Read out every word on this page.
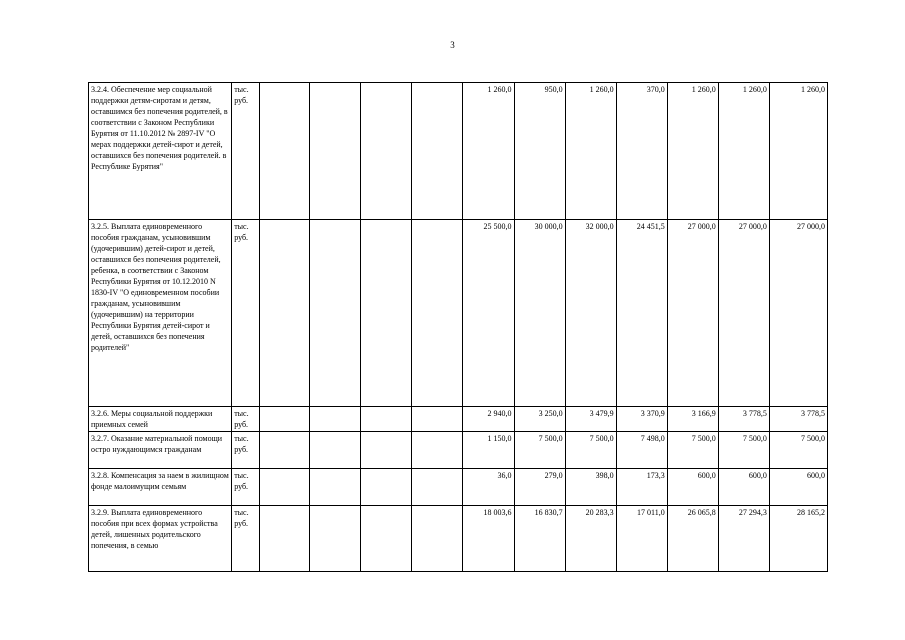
3
3.2.4. Обеспечение мер социальной поддержки детям-сиротам и детям, оставшимся без попечения родителей, в соответствии с Законом Республики Бурятия от 11.10.2012 № 2897-IV "О мерах поддержки детей-сирот и детей, оставшихся без попечения родителей. в Республике Бурятия"	тыс. руб.					1 260,0	950,0	1 260,0	370,0	1 260,0	1 260,0	1 260,0
3.2.5. Выплата единовременного пособия гражданам, усыновившим (удочерившим) детей-сирот и детей, оставшихся без попечения родителей, ребенка, в соответствии с Законом Республики Бурятия от 10.12.2010 N 1830-IV "О единовременном пособии гражданам, усыновившим (удочерившим) на территории Республики Бурятия детей-сирот и детей, оставшихся без попечения родителей"	тыс. руб.					25 500,0	30 000,0	32 000,0	24 451,5	27 000,0	27 000,0	27 000,0
3.2.6. Меры социальной поддержки приемных семей	тыс. руб.					2 940,0	3 250,0	3 479,9	3 370,9	3 166,9	3 778,5	3 778,5
3.2.7. Оказание материальной помощи остро нуждающимся гражданам	тыс. руб.					1 150,0	7 500,0	7 500,0	7 498,0	7 500,0	7 500,0	7 500,0
3.2.8. Компенсация за наем в жилищном фонде малоимущим семьям	тыс. руб.					36,0	279,0	398,0	173,3	600,0	600,0	600,0
3.2.9. Выплата единовременного пособия при всех формах устройства детей, лишенных родительского попечения, в семью	тыс. руб.					18 003,6	16 830,7	20 283,3	17 011,0	26 065,8	27 294,3	28 165,2
